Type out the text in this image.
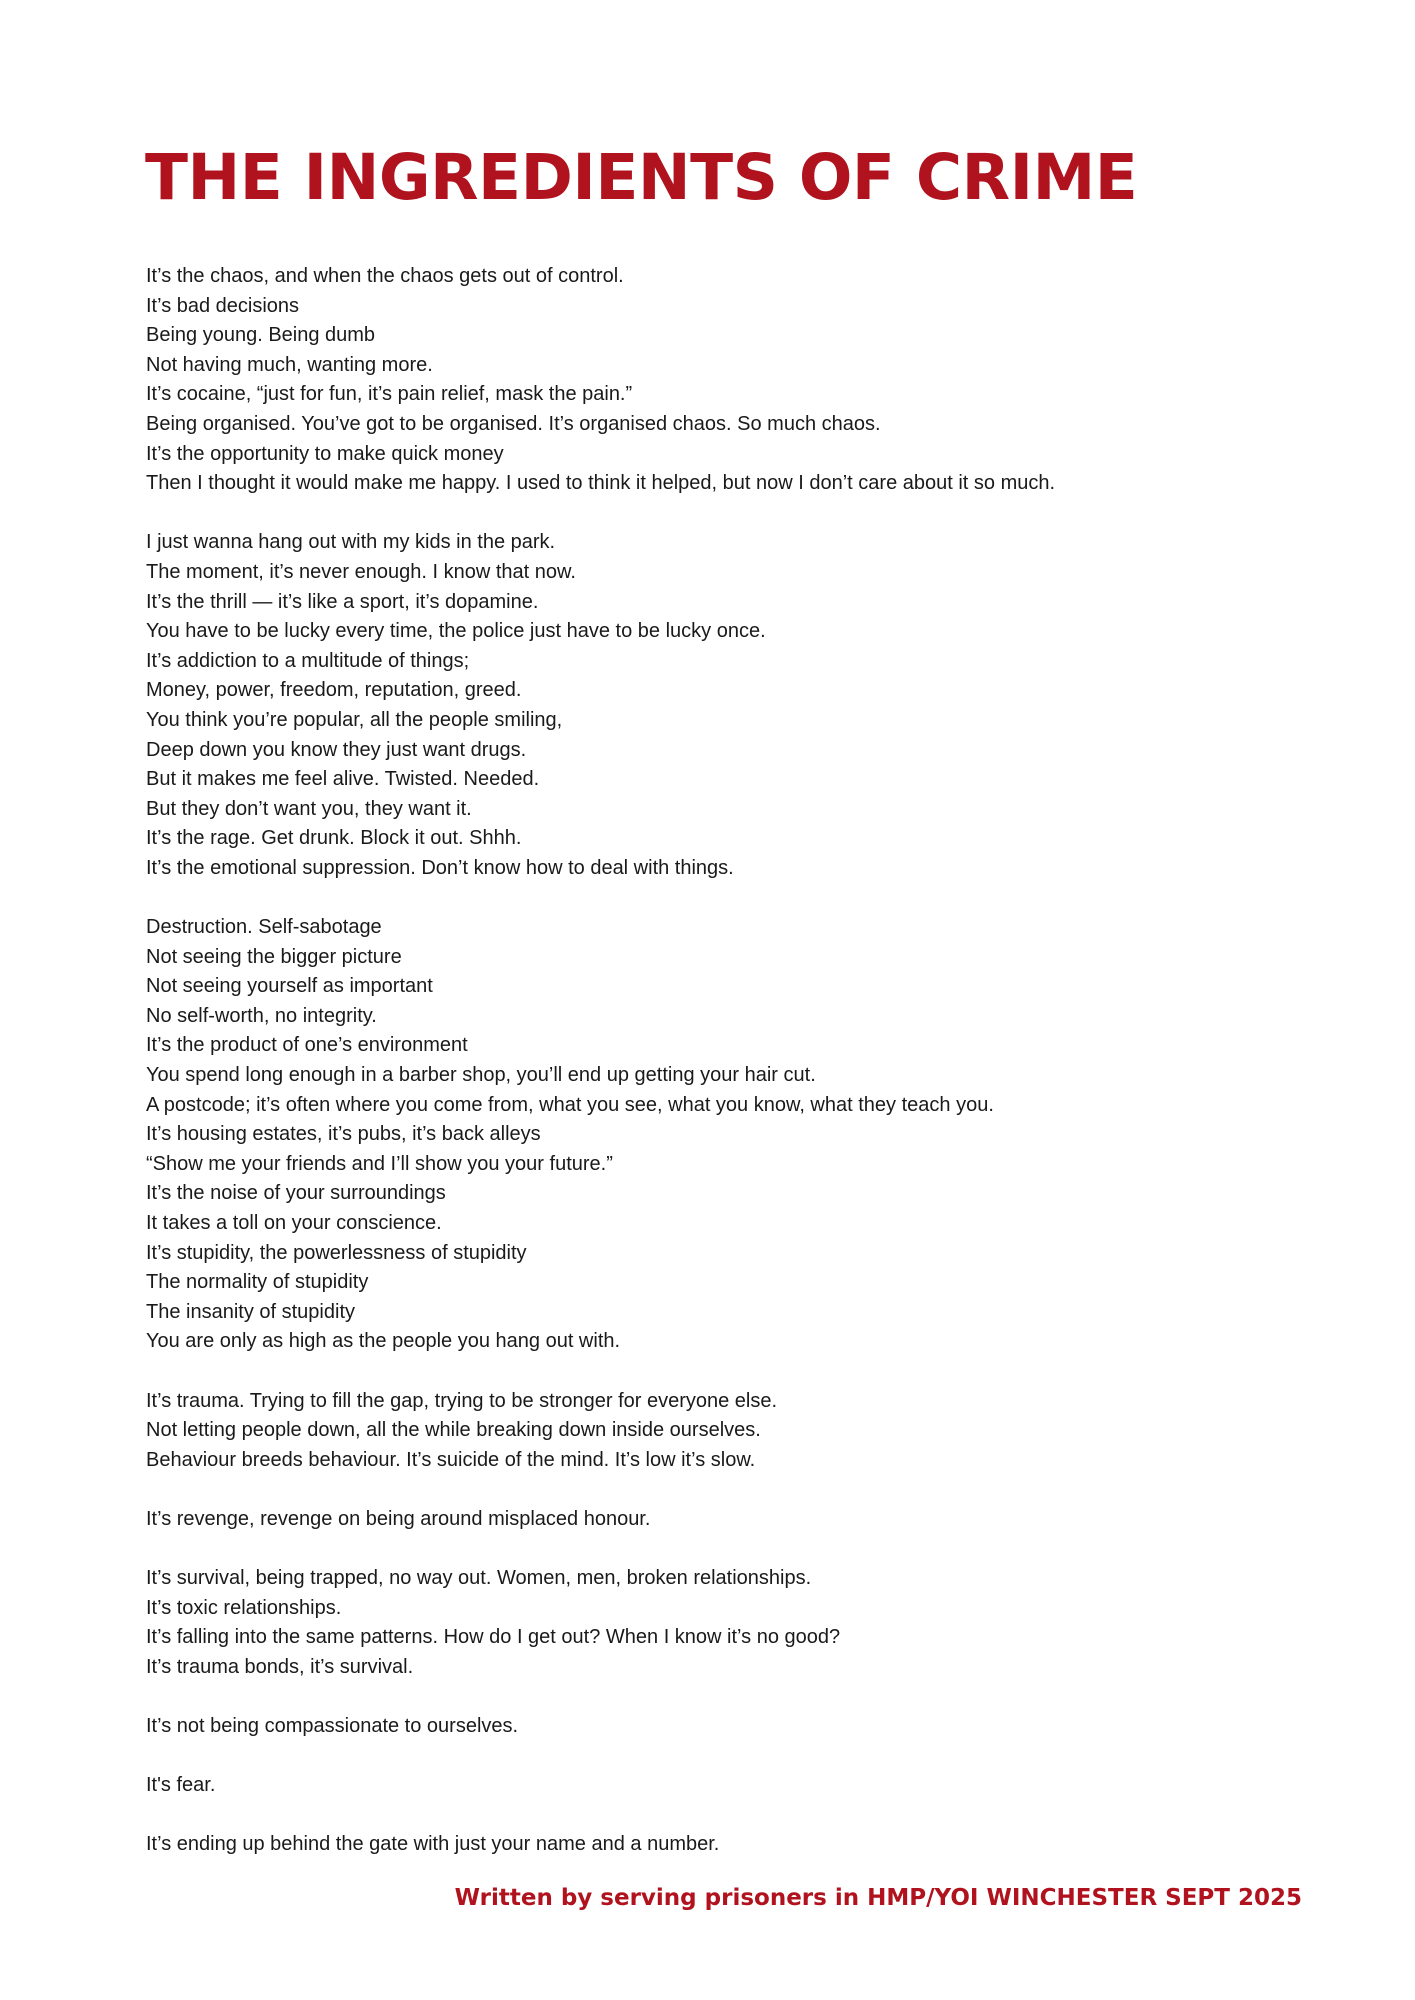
THE INGREDIENTS OF CRIME
It’s the chaos, and when the chaos gets out of control.
It’s bad decisions
Being young. Being dumb
Not having much, wanting more.
It’s cocaine, “just for fun, it’s pain relief, mask the pain.”
Being organised. You’ve got to be organised. It’s organised chaos. So much chaos.
It’s the opportunity to make quick money
Then I thought it would make me happy. I used to think it helped, but now I don’t care about it so much.
I just wanna hang out with my kids in the park.
The moment, it’s never enough. I know that now.
It’s the thrill — it’s like a sport, it’s dopamine.
You have to be lucky every time, the police just have to be lucky once.
It’s addiction to a multitude of things;
Money, power, freedom, reputation, greed.
You think you’re popular, all the people smiling,
Deep down you know they just want drugs.
But it makes me feel alive. Twisted. Needed.
But they don’t want you, they want it.
It’s the rage. Get drunk. Block it out. Shhh.
It’s the emotional suppression. Don’t know how to deal with things.
Destruction. Self-sabotage
Not seeing the bigger picture
Not seeing yourself as important
No self-worth, no integrity.
It’s the product of one’s environment
You spend long enough in a barber shop, you’ll end up getting your hair cut.
A postcode; it’s often where you come from, what you see, what you know, what they teach you.
It’s housing estates, it’s pubs, it’s back alleys
“Show me your friends and I’ll show you your future.”
It’s the noise of your surroundings
It takes a toll on your conscience.
It’s stupidity, the powerlessness of stupidity
The normality of stupidity
The insanity of stupidity
You are only as high as the people you hang out with.
It’s trauma. Trying to fill the gap, trying to be stronger for everyone else.
Not letting people down, all the while breaking down inside ourselves.
Behaviour breeds behaviour. It’s suicide of the mind. It’s low it’s slow.
It’s revenge, revenge on being around misplaced honour.
It’s survival, being trapped, no way out. Women, men, broken relationships.
It’s toxic relationships.
It’s falling into the same patterns. How do I get out? When I know it’s no good?
It’s trauma bonds, it’s survival.
It’s not being compassionate to ourselves.
It's fear.
It’s ending up behind the gate with just your name and a number.
Written by serving prisoners in HMP/YOI WINCHESTER SEPT 2025
